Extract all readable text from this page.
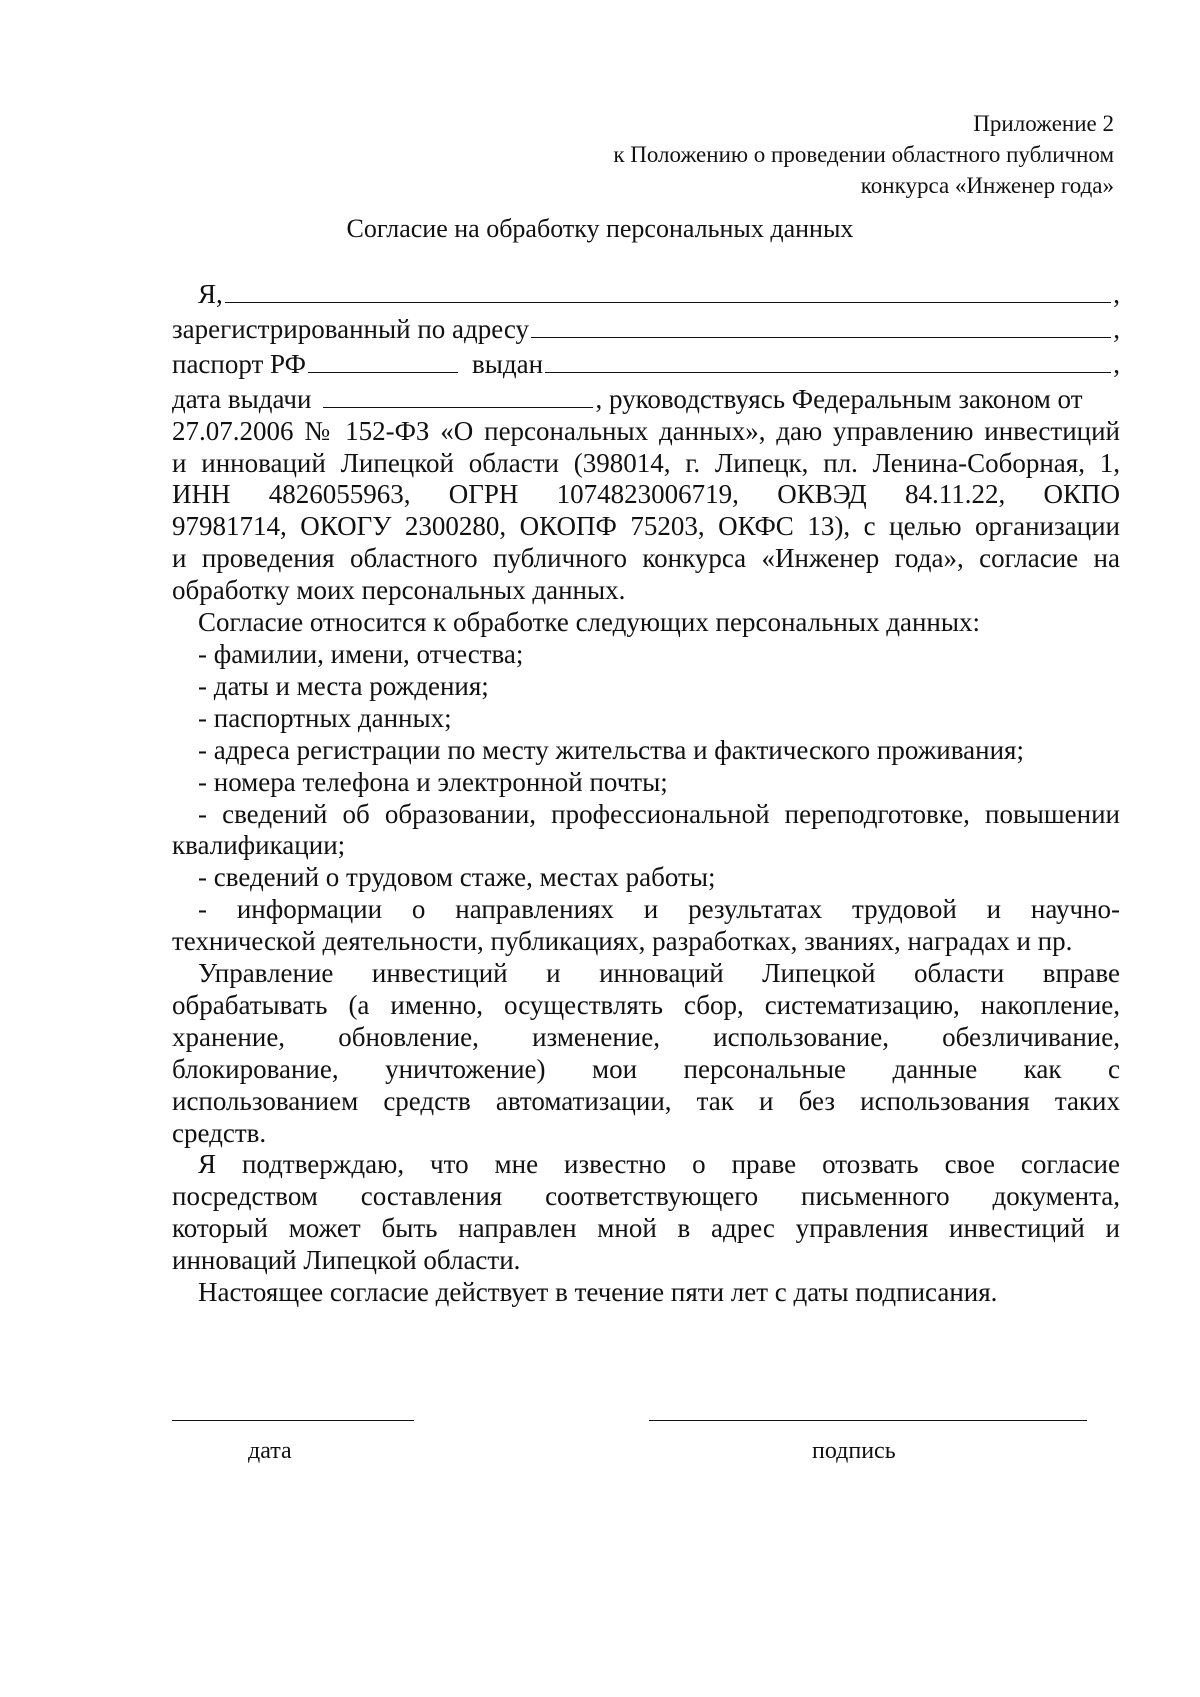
Приложение 2
к Положению о проведении областного публичном
конкурса «Инженер года»
Согласие на обработку персональных данных
Я,	,
зарегистрированный по адресу	,
паспорт РФ	выдан	,
дата выдачи	, руководствуясь Федеральным законом от

27.07.2006 № 152-ФЗ «О персональных данных», даю управлению инвестиций

и инноваций Липецкой области (398014, г. Липецк, пл. Ленина-Соборная, 1,

ИНН 4826055963, ОГРН 1074823006719, ОКВЭД 84.11.22, ОКПО

97981714, ОКОГУ 2300280, ОКОПФ 75203, ОКФС 13), с целью организации

и проведения областного публичного конкурса «Инженер года», согласие на

обработку моих персональных данных.

Согласие относится к обработке следующих персональных данных:

- фамилии, имени, отчества;

- даты и места рождения;

- паспортных данных;

- адреса регистрации по месту жительства и фактического проживания;

- номера телефона и электронной почты;

- сведений об образовании, профессиональной переподготовке, повышении

квалификации;

- сведений о трудовом стаже, местах работы;

- информации о направлениях и результатах трудовой и научно-

технической деятельности, публикациях, разработках, званиях, наградах и пр.

Управление инвестиций и инноваций Липецкой области вправе

обрабатывать (а именно, осуществлять сбор, систематизацию, накопление,

хранение, обновление, изменение, использование, обезличивание,

блокирование, уничтожение) мои персональные данные как с

использованием средств автоматизации, так и без использования таких

средств.

Я подтверждаю, что мне известно о праве отозвать свое согласие

посредством составления соответствующего письменного документа,

который может быть направлен мной в адрес управления инвестиций и

инноваций Липецкой области.

Настоящее согласие действует в течение пяти лет с даты подписания.

дата	подпись
